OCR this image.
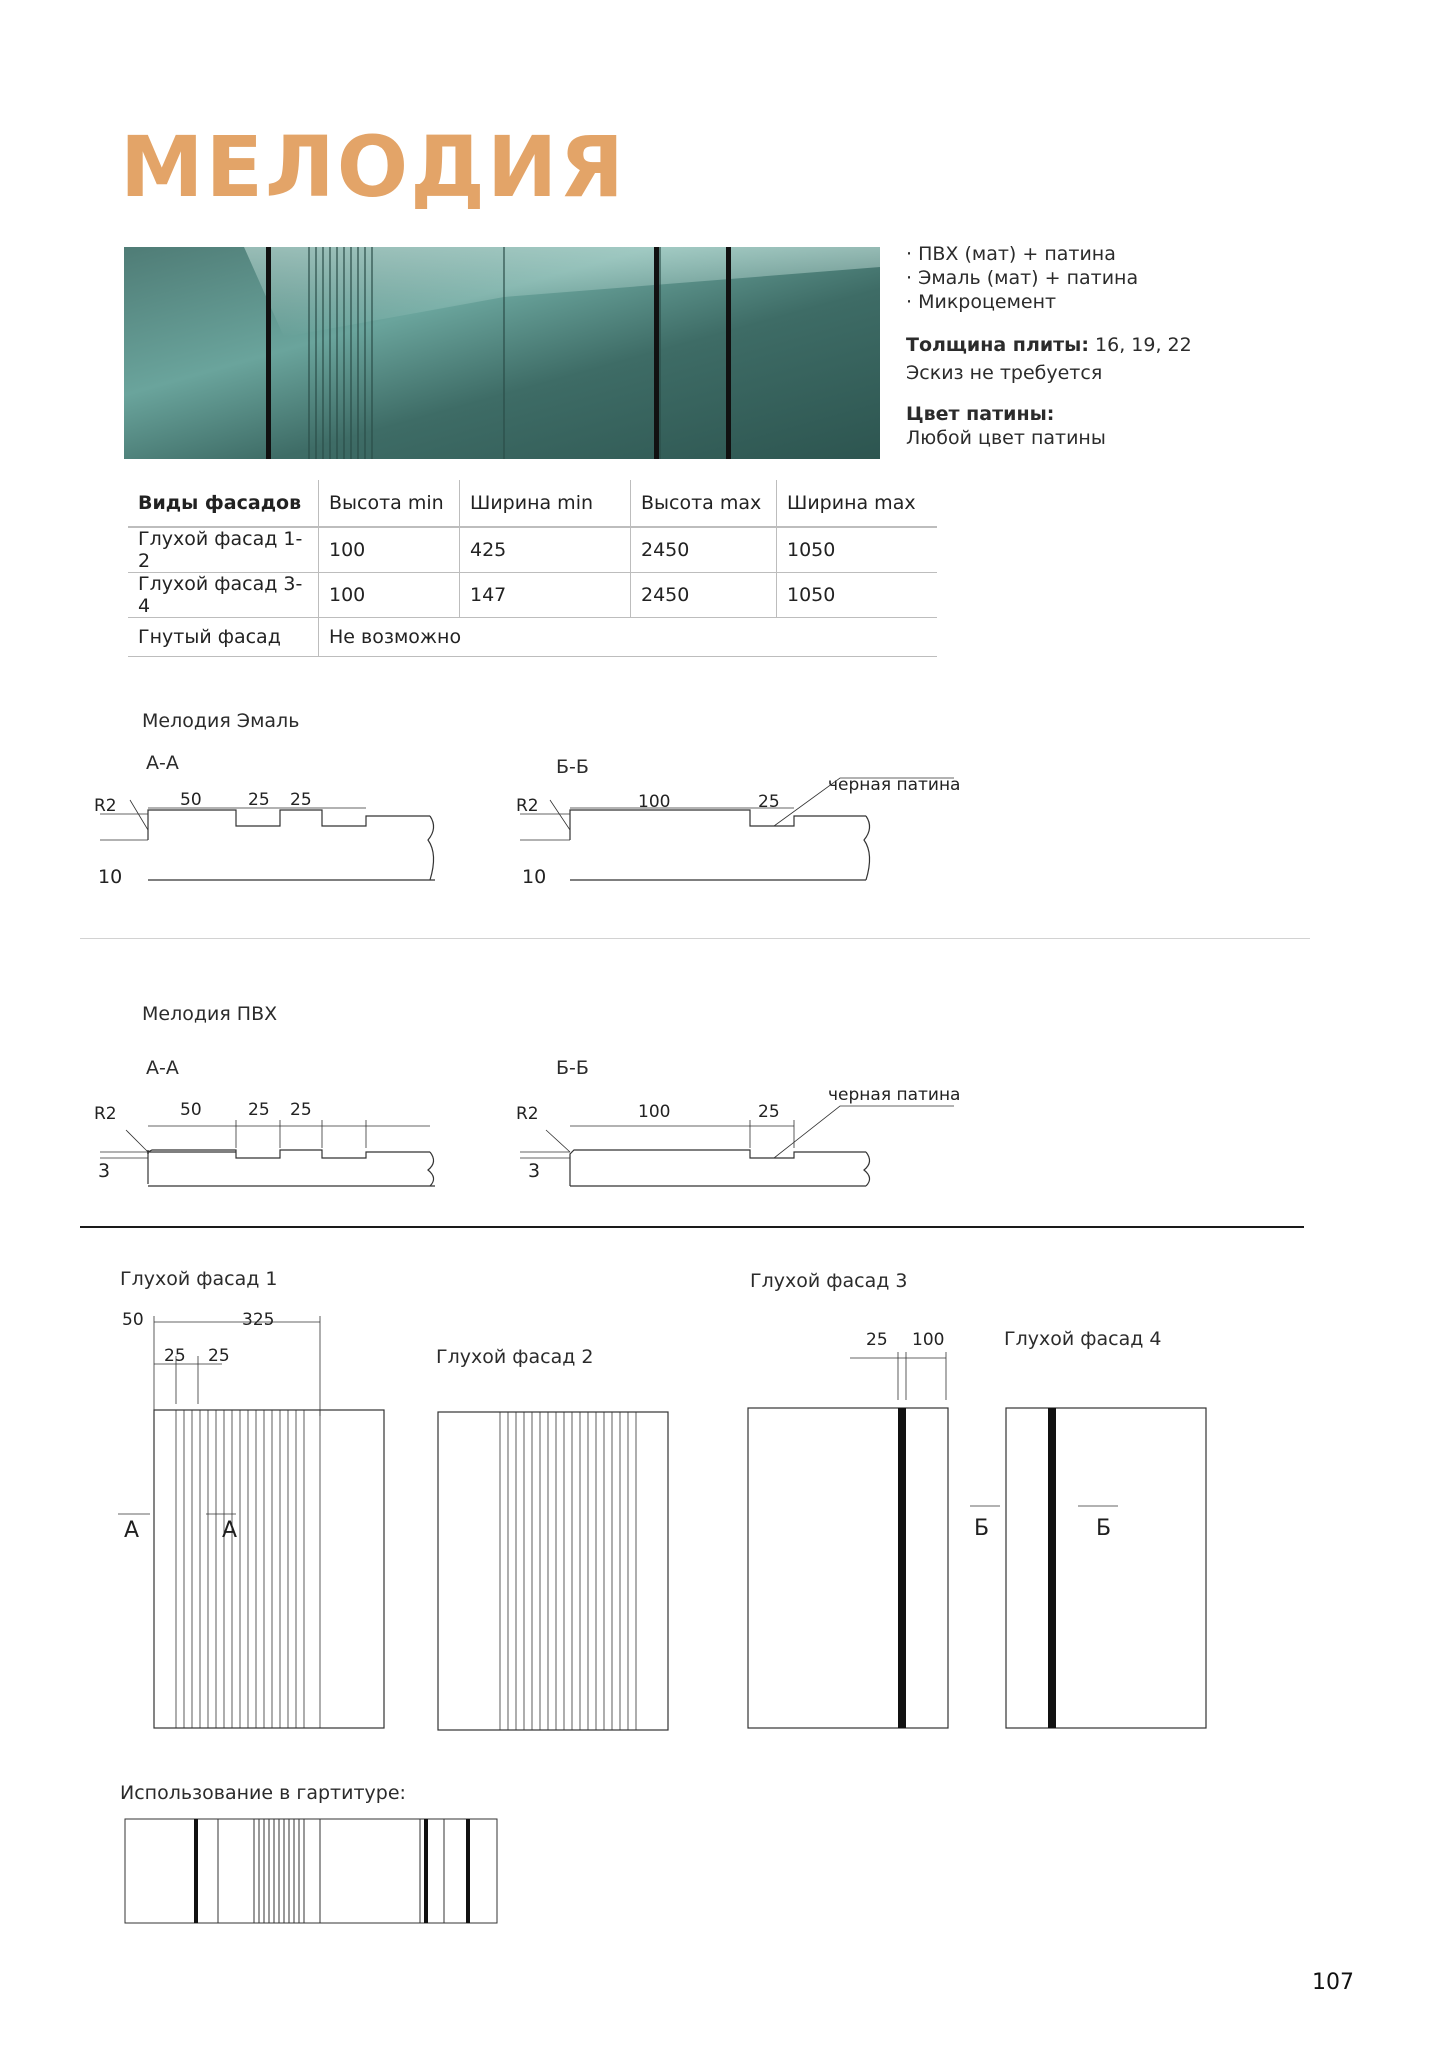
МЕЛОДИЯ
· ПВХ (мат) + патина
· Эмаль (мат) + патина
· Микроцемент
Толщина плиты: 16, 19, 22
Эскиз не требуется
Цвет патины:
Любой цвет патины
Виды фасадов	Высота min	Ширина min	Высота max	Ширина max
Глухой фасад 1-2	100	425	2450	1050
Глухой фасад 3-4	100	147	2450	1050
Гнутый фасад	Не возможно			
Мелодия Эмаль
А-А	Б-Б
R2
10
50	25 25	R2
10
100	25
черная патина
Мелодия ПВХ
А-А	Б-Б
R2
3
50	25 25	R2
3
100	25
черная патина
Глухой фасад 1
Глухой фасад 2
Глухой фасад 3
Глухой фасад 4
50	325
25 25
А	А
25 100
Б	Б
Использование в гартитуре:
107
